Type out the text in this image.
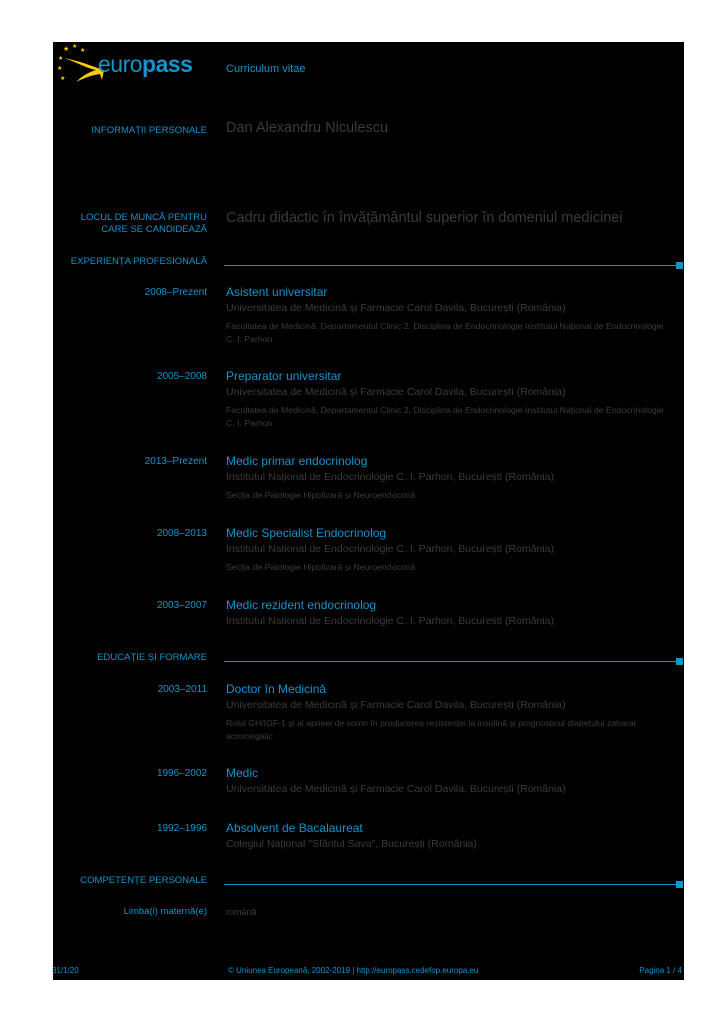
★ ★
★
★
★
★
europass	Curriculum vitae
INFORMAȚII PERSONALE Dan Alexandru Niculescu
LOCUL DE MUNCĂ PENTRU
CARE SE CANDIDEAZĂ
Cadru didactic în învățământul superior în domeniul medicinei
EXPERIENȚA PROFESIONALĂ
2008–Prezent Asistent universitar
Universitatea de Medicină și Farmacie Carol Davila, București (România)
Facultatea de Medicină, Departamentul Clinic 2, Disciplina de Endocrinologie Institutul Național de Endocrinologie C. I. Parhon
2005–2008 Preparator universitar
Universitatea de Medicină și Farmacie Carol Davila, București (România)
Facultatea de Medicină, Departamentul Clinic 2, Disciplina de Endocrinologie Institutul Național de Endocrinologie C. I. Parhon
2013–Prezent Medic primar endocrinolog
Institutul Național de Endocrinologie C. I. Parhon, București (România)
Secția de Patologie Hipofizară și Neuroendocrină
2008–2013 Medic Specialist Endocrinolog
Institutul National de Endocrinologie C. I. Parhon, București (România)
Secția de Patologie Hipofizară și Neuroendocrină
2003–2007 Medic rezident endocrinolog
Institutul National de Endocrinologie C. I. Parhon, Bucuresti (România)
EDUCAȚIE ȘI FORMARE
2003–2011 Doctor în Medicină
Universitatea de Medicină și Farmacie Carol Davila, București (România)
Rolul GH/IGF-1 și al apneei de somn în producerea rezistenței la insulină și prognosticul diabetului zaharat acromegalic
1996–2002 Medic
Universitatea de Medicină și Farmacie Carol Davila, București (România)
1992–1996 Absolvent de Bacalaureat
Colegiul Național "Sfântul Sava", București (România)
COMPETENȚE PERSONALE
Limba(i) maternă(e) română
31/1/20	© Uniunea Europeană, 2002-2019 | http://europass.cedefop.europa.eu	Pagina 1 / 4
